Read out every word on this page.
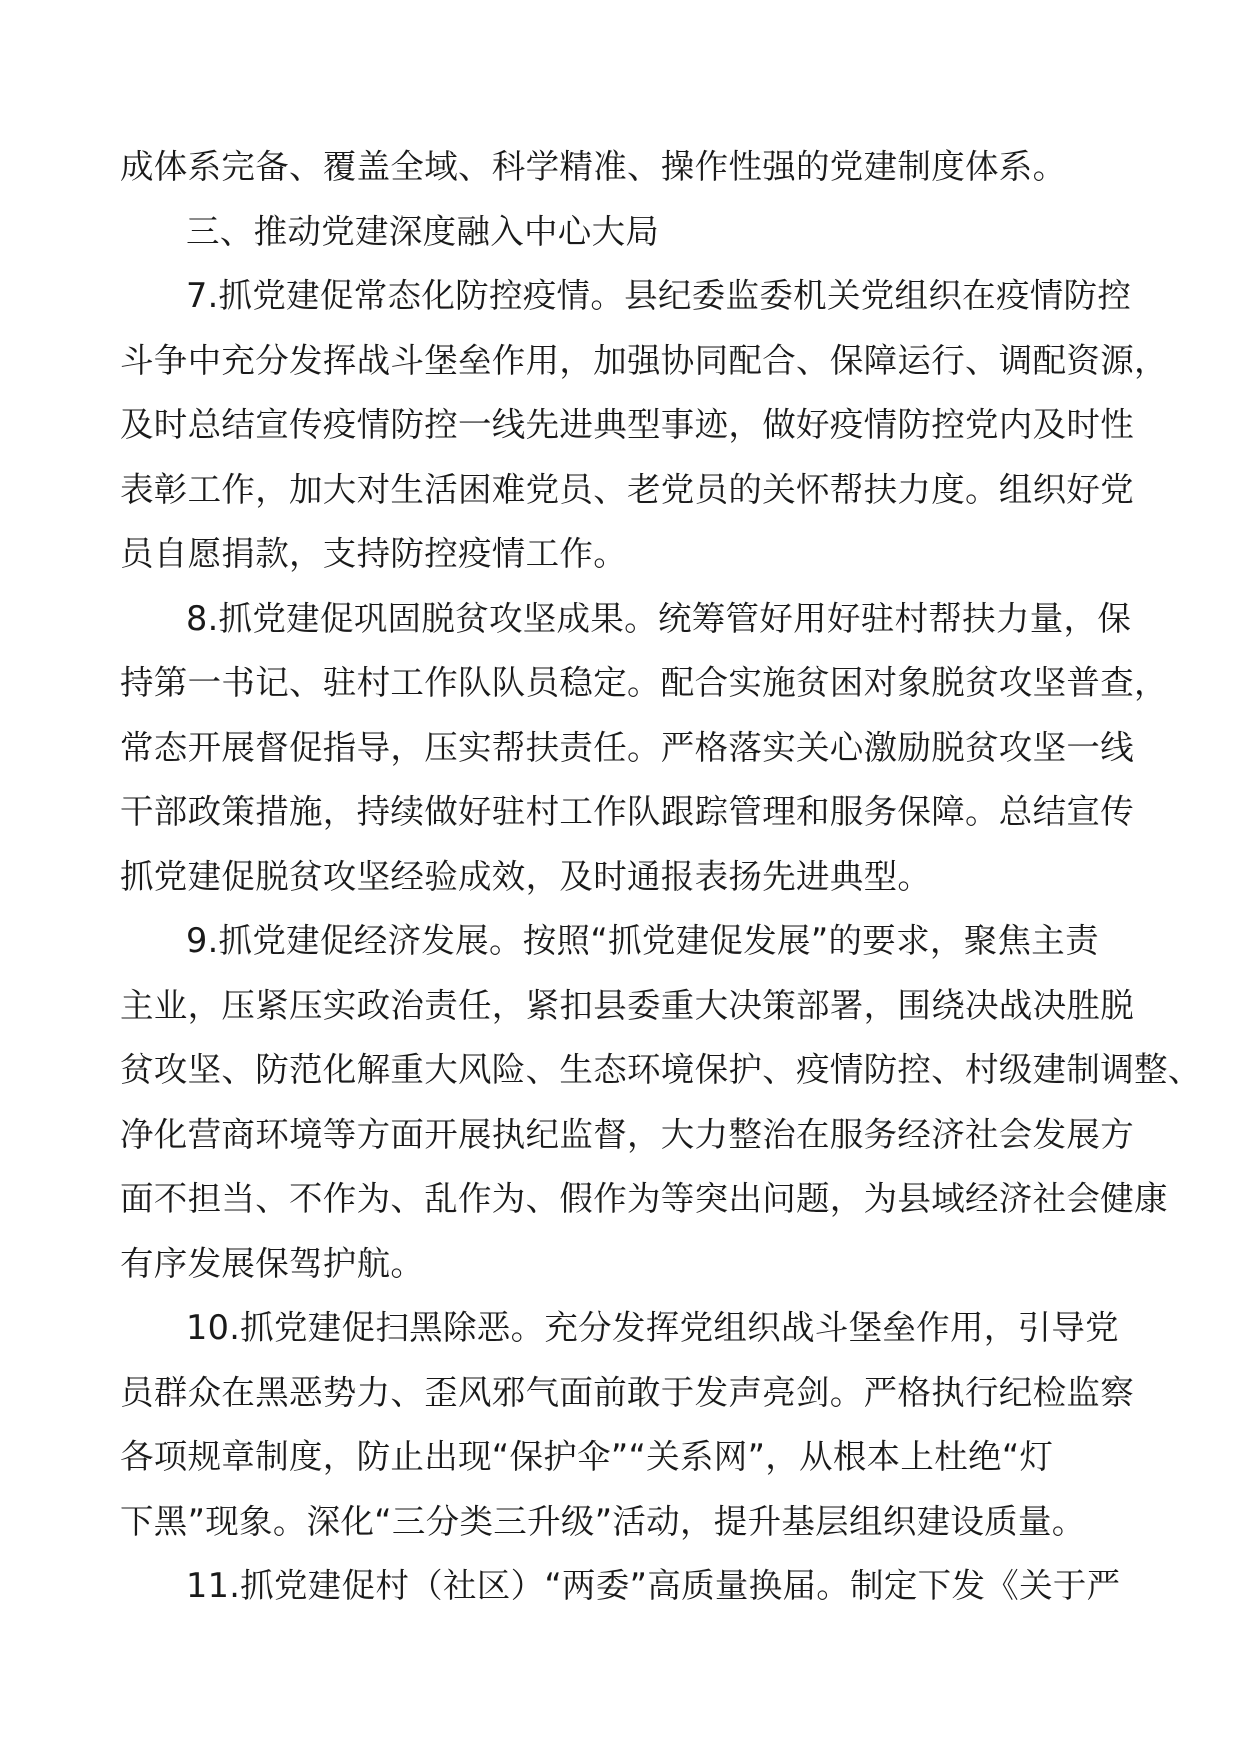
成体系完备、覆盖全域、科学精准、操作性强的党建制度体系。
三、推动党建深度融入中心大局
7.抓党建促常态化防控疫情。县纪委监委机关党组织在疫情防控
斗争中充分发挥战斗堡垒作用，加强协同配合、保障运行、调配资源，
及时总结宣传疫情防控一线先进典型事迹，做好疫情防控党内及时性
表彰工作，加大对生活困难党员、老党员的关怀帮扶力度。组织好党
员自愿捐款，支持防控疫情工作。
8.抓党建促巩固脱贫攻坚成果。统筹管好用好驻村帮扶力量，保
持第一书记、驻村工作队队员稳定。配合实施贫困对象脱贫攻坚普查，
常态开展督促指导，压实帮扶责任。严格落实关心激励脱贫攻坚一线
干部政策措施，持续做好驻村工作队跟踪管理和服务保障。总结宣传
抓党建促脱贫攻坚经验成效，及时通报表扬先进典型。
9.抓党建促经济发展。按照“抓党建促发展”的要求，聚焦主责
主业，压紧压实政治责任，紧扣县委重大决策部署，围绕决战决胜脱
贫攻坚、防范化解重大风险、生态环境保护、疫情防控、村级建制调整、
净化营商环境等方面开展执纪监督，大力整治在服务经济社会发展方
面不担当、不作为、乱作为、假作为等突出问题，为县域经济社会健康
有序发展保驾护航。
10.抓党建促扫黑除恶。充分发挥党组织战斗堡垒作用，引导党
员群众在黑恶势力、歪风邪气面前敢于发声亮剑。严格执行纪检监察
各项规章制度，防止出现“保护伞”“关系网”，从根本上杜绝“灯
下黑”现象。深化“三分类三升级”活动，提升基层组织建设质量。
11.抓党建促村（社区）“两委”高质量换届。制定下发《关于严
